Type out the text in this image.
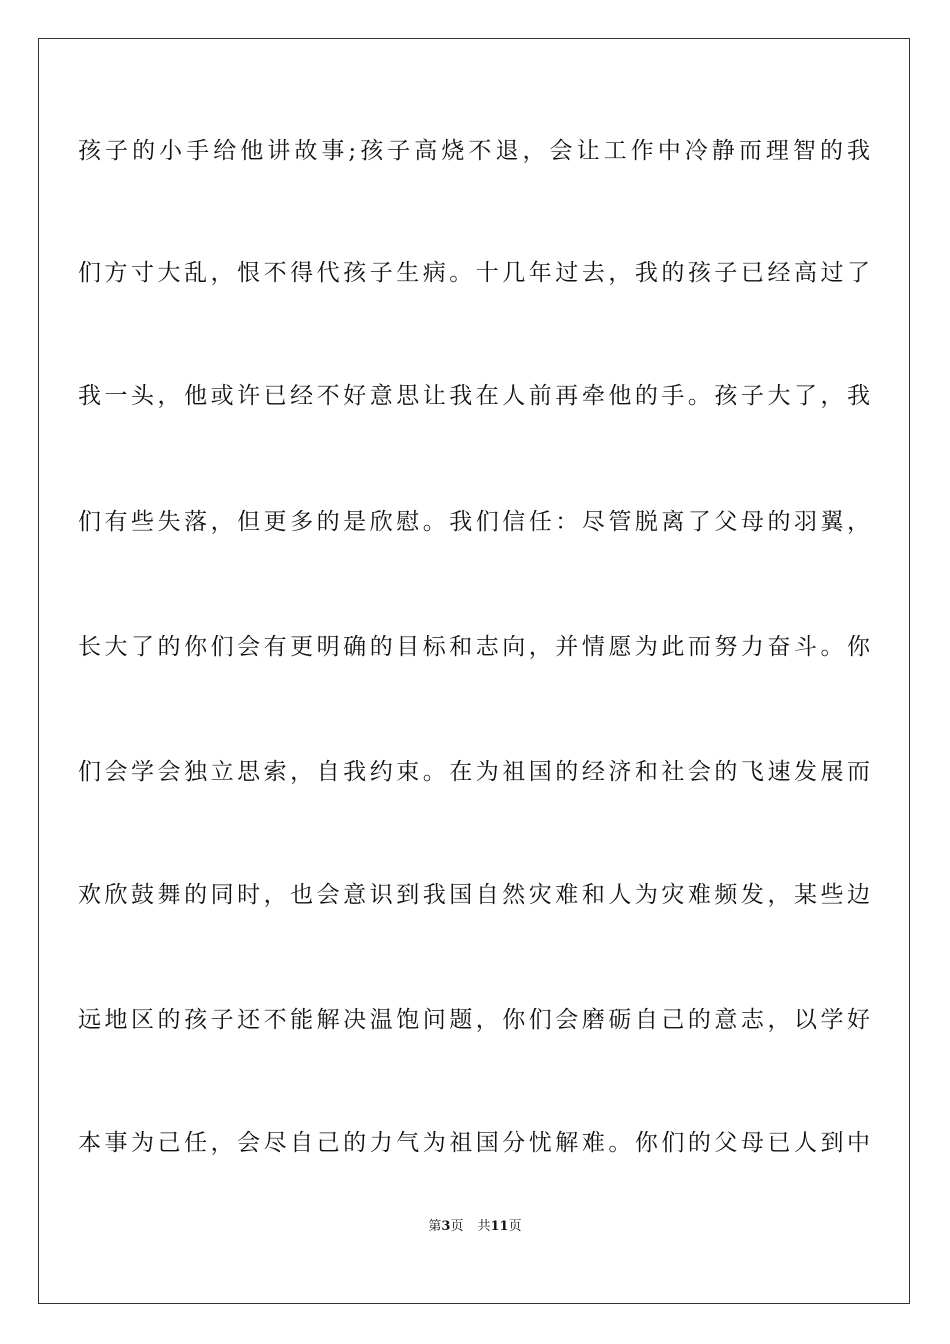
孩子的小手给他讲故事;孩子高烧不退，会让工作中冷静而理智的我
们方寸大乱，恨不得代孩子生病。十几年过去，我的孩子已经高过了
我一头，他或许已经不好意思让我在人前再牵他的手。孩子大了，我
们有些失落，但更多的是欣慰。我们信任：尽管脱离了父母的羽翼，
长大了的你们会有更明确的目标和志向，并情愿为此而努力奋斗。你
们会学会独立思索，自我约束。在为祖国的经济和社会的飞速发展而
欢欣鼓舞的同时，也会意识到我国自然灾难和人为灾难频发，某些边
远地区的孩子还不能解决温饱问题，你们会磨砺自己的意志，以学好
本事为己任，会尽自己的力气为祖国分忧解难。你们的父母已人到中
第3页 共11页
